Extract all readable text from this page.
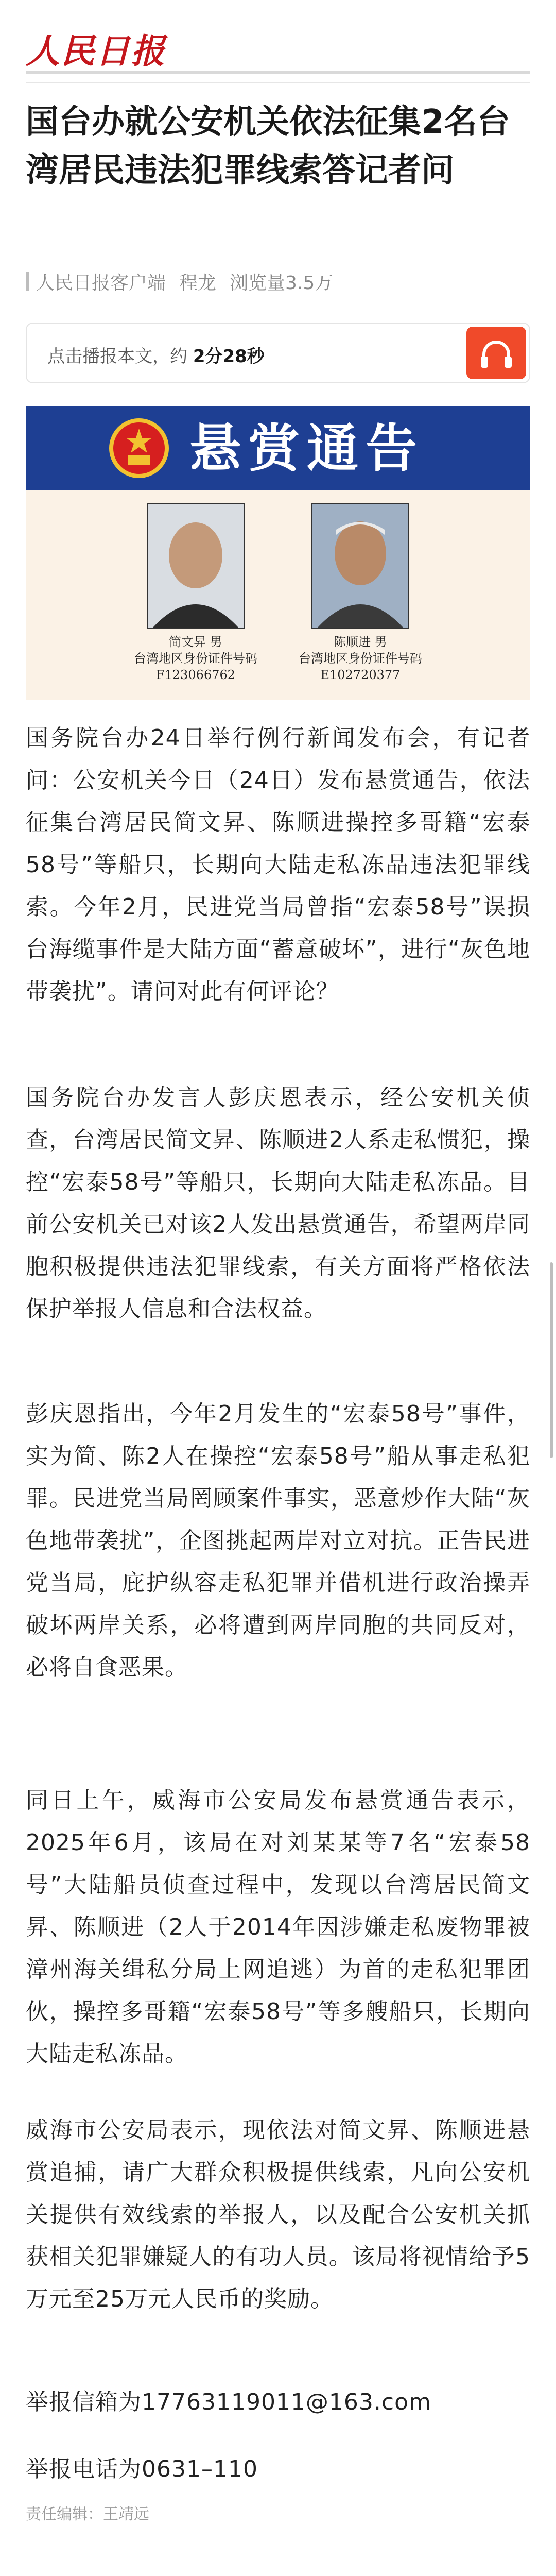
人民日报
国台办就公安机关依法征集2名台湾居民违法犯罪线索答记者问
人民日报客户端 程龙 浏览量3.5万
点击播报本文，约 2分28秒
悬赏通告
简文昇 男
台湾地区身份证件号码
F123066762
陈顺进 男
台湾地区身份证件号码
E102720377

国务院台办24日举行例行新闻发布会，有记者问：公安机关今日（24日）发布悬赏通告，依法征集台湾居民简文昇、陈顺进操控多哥籍“宏泰58号”等船只，长期向大陆走私冻品违法犯罪线索。今年2月，民进党当局曾指“宏泰58号”误损台海缆事件是大陆方面“蓄意破坏”，进行“灰色地带袭扰”。请问对此有何评论？

国务院台办发言人彭庆恩表示，经公安机关侦查，台湾居民简文昇、陈顺进2人系走私惯犯，操控“宏泰58号”等船只，长期向大陆走私冻品。目前公安机关已对该2人发出悬赏通告，希望两岸同胞积极提供违法犯罪线索，有关方面将严格依法保护举报人信息和合法权益。

彭庆恩指出，今年2月发生的“宏泰58号”事件，实为简、陈2人在操控“宏泰58号”船从事走私犯罪。民进党当局罔顾案件事实，恶意炒作大陆“灰色地带袭扰”，企图挑起两岸对立对抗。正告民进党当局，庇护纵容走私犯罪并借机进行政治操弄破坏两岸关系，必将遭到两岸同胞的共同反对，必将自食恶果。

同日上午，威海市公安局发布悬赏通告表示，2025年6月，该局在对刘某某等7名“宏泰58号”大陆船员侦查过程中，发现以台湾居民简文昇、陈顺进（2人于2014年因涉嫌走私废物罪被漳州海关缉私分局上网追逃）为首的走私犯罪团伙，操控多哥籍“宏泰58号”等多艘船只，长期向大陆走私冻品。

威海市公安局表示，现依法对简文昇、陈顺进悬赏追捕，请广大群众积极提供线索，凡向公安机关提供有效线索的举报人，以及配合公安机关抓获相关犯罪嫌疑人的有功人员。该局将视情给予5万元至25万元人民币的奖励。

举报信箱为17763119011@163.com

举报电话为0631–110

责任编辑：王靖远
